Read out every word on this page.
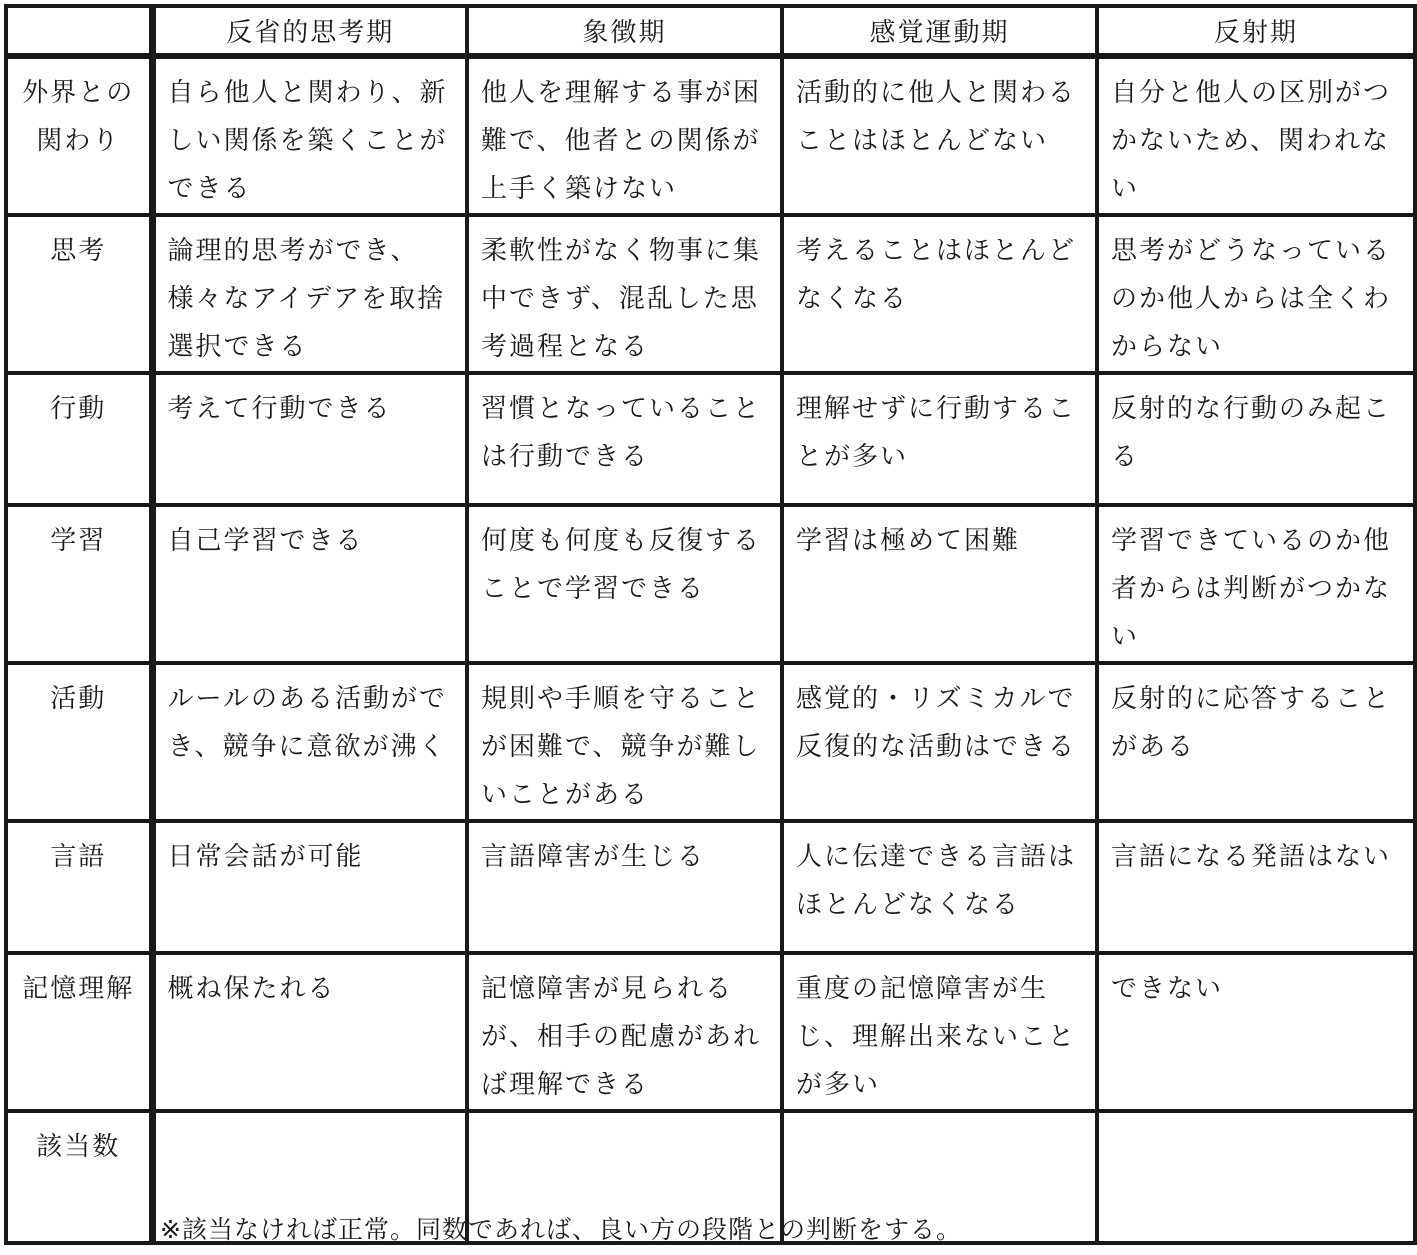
	反省的思考期	象徴期	感覚運動期	反射期

外界との関わり	自ら他人と関わり、新しい関係を築くことができる	他人を理解する事が困難で、他者との関係が上手く築けない	活動的に他人と関わることはほとんどない	自分と他人の区別がつかないため、関われない

思考	論理的思考ができ、様々なアイデアを取捨選択できる	柔軟性がなく物事に集中できず、混乱した思考過程となる	考えることはほとんどなくなる	思考がどうなっているのか他人からは全くわからない

行動	考えて行動できる	習慣となっていることは行動できる	理解せずに行動することが多い	反射的な行動のみ起こる

学習	自己学習できる	何度も何度も反復することで学習できる	学習は極めて困難	学習できているのか他者からは判断がつかない

活動	ルールのある活動ができ、競争に意欲が沸く	規則や手順を守ることが困難で、競争が難しいことがある	感覚的・リズミカルで反復的な活動はできる	反射的に応答することがある

言語	日常会話が可能	言語障害が生じる	人に伝達できる言語はほとんどなくなる	言語になる発語はない

記憶理解	概ね保たれる	記憶障害が見られるが、相手の配慮があれば理解できる	重度の記憶障害が生じ、理解出来ないことが多い	できない

該当数				

※該当なければ正常。同数であれば、良い方の段階との判断をする。
